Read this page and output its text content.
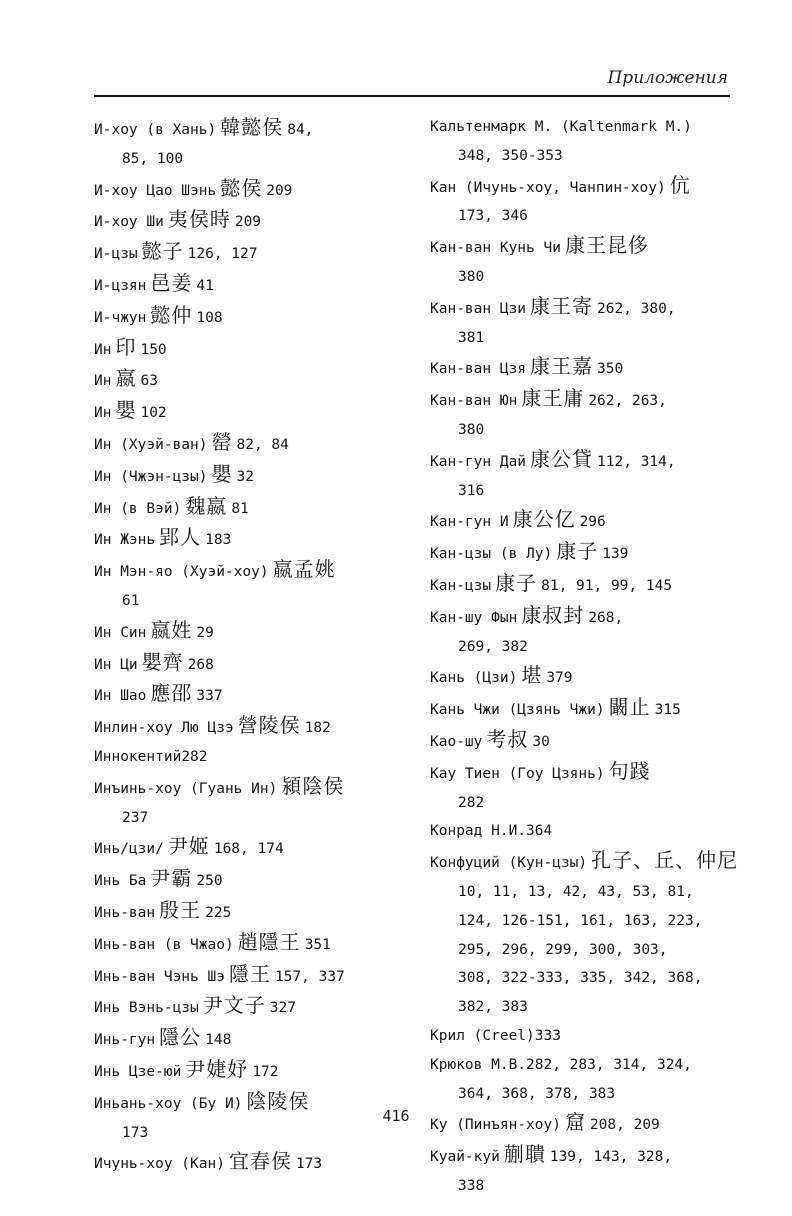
Приложения
И-хоу (в Хань) 韓懿侯 84,
85, 100
И-хоу Цао Шэнь 懿侯 209
И-хоу Ши 夷侯時 209
И-цзы 懿子 126, 127
И-цзян 邑姜 41
И-чжун 懿仲 108
Ин 印 150
Ин 嬴 63
Ин 嬰 102
Ин (Хуэй-ван) 罃 82, 84
Ин (Чжэн-цзы) 嬰 32
Ин (в Вэй) 魏嬴 81
Ин Жэнь 郢人 183
Ин Мэн-яо (Хуэй-хоу) 嬴孟姚
61
Ин Син 嬴姓 29
Ин Ци 嬰齊 268
Ин Шао 應邵 337
Инлин-хоу Лю Цзэ 營陵侯 182
Иннокентий282
Инъинь-хоу (Гуань Ин) 潁陰侯
237
Инь/цзи/ 尹姬 168, 174
Инь Ба 尹霸 250
Инь-ван 殷王 225
Инь-ван (в Чжао) 趙隱王 351
Инь-ван Чэнь Шэ 隱王 157, 337
Инь Вэнь-цзы 尹文子 327
Инь-гун 隱公 148
Инь Цзе-юй 尹婕妤 172
Иньань-хоу (Бу И) 陰陵侯
173
Ичунь-хоу (Кан) 宜春侯 173
Кальтенмарк М. (Kaltenmark M.)
348, 350-353
Кан (Ичунь-хоу, Чанпин-хоу) 伉
173, 346
Кан-ван Кунь Чи 康王昆侈
380
Кан-ван Цзи 康王寄 262, 380,
381
Кан-ван Цзя 康王嘉 350
Кан-ван Юн 康王庸 262, 263,
380
Кан-гун Дай 康公貸 112, 314,
316
Кан-гун И 康公亿 296
Кан-цзы (в Лу) 康子 139
Кан-цзы 康子 81, 91, 99, 145
Кан-шу Фын 康叔封 268,
269, 382
Кань (Цзи) 堪 379
Кань Чжи (Цзянь Чжи) 闞止 315
Као-шу 考叔 30
Кау Тиен (Гоу Цзянь) 句踐
282
Конрад Н.И.364
Конфуций (Кун-цзы) 孔子、丘、仲尼
10, 11, 13, 42, 43, 53, 81,
124, 126-151, 161, 163, 223,
295, 296, 299, 300, 303,
308, 322-333, 335, 342, 368,
382, 383
Крил (Creel)333
Крюков М.В.282, 283, 314, 324,
364, 368, 378, 383
Ку (Пинъян-хоу) 窟 208, 209
Куай-куй 蒯聵 139, 143, 328,
338
416
